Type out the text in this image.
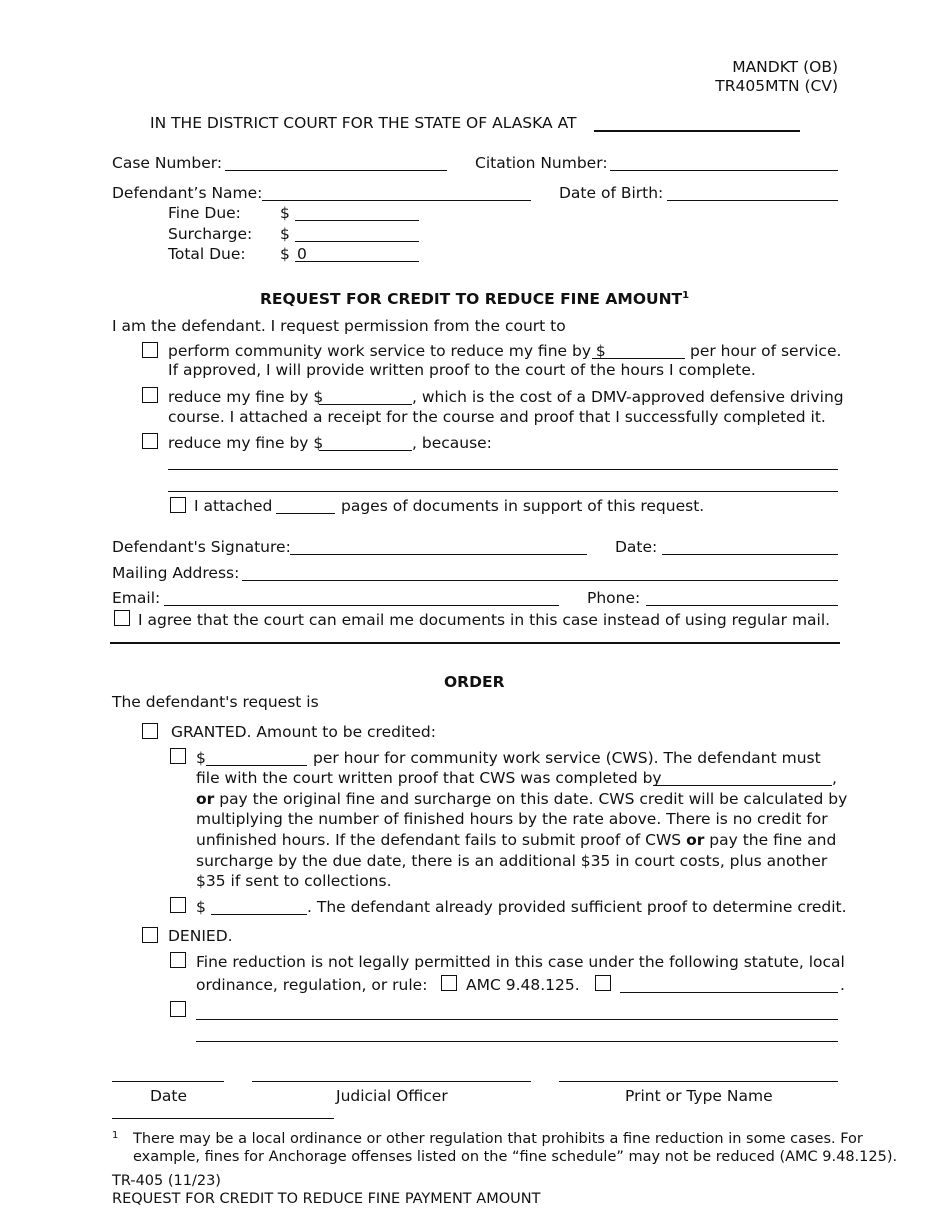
MANDKT (OB)
TR405MTN (CV)
IN THE DISTRICT COURT FOR THE STATE OF ALASKA AT
Case Number:	Citation Number:
Defendant’s Name:	Date of Birth:
Fine Due:	$
Surcharge: $
Total Due: $ 0
REQUEST FOR CREDIT TO REDUCE FINE AMOUNT$^1$
I am the defendant. I request permission from the court to
perform community work service to reduce my fine by $	per hour of service.
If approved, I will provide written proof to the court of the hours I complete.
reduce my fine by $	, which is the cost of a DMV-approved defensive driving
course. I attached a receipt for the course and proof that I successfully completed it.
reduce my fine by $	, because:
I attached	pages of documents in support of this request.
Defendant's Signature:	Date:
Mailing Address:
Email:	Phone:
I agree that the court can email me documents in this case instead of using regular mail.
ORDER
The defendant's request is
GRANTED. Amount to be credited:
$	per hour for community work service (CWS). The defendant must
file with the court written proof that CWS was completed by	,
or pay the original fine and surcharge on this date. CWS credit will be calculated by
multiplying the number of finished hours by the rate above. There is no credit for
unfinished hours. If the defendant fails to submit proof of CWS or pay the fine and
surcharge by the due date, there is an additional $35 in court costs, plus another
$35 if sent to collections.
$	. The defendant already provided sufficient proof to determine credit.
DENIED.
Fine reduction is not legally permitted in this case under the following statute, local
ordinance, regulation, or rule: AMC 9.48.125.	.
Date	Judicial Officer	Print or Type Name
1 There may be a local ordinance or other regulation that prohibits a fine reduction in some cases. For
example, fines for Anchorage offenses listed on the “fine schedule” may not be reduced (AMC 9.48.125).
TR-405 (11/23)
REQUEST FOR CREDIT TO REDUCE FINE PAYMENT AMOUNT
